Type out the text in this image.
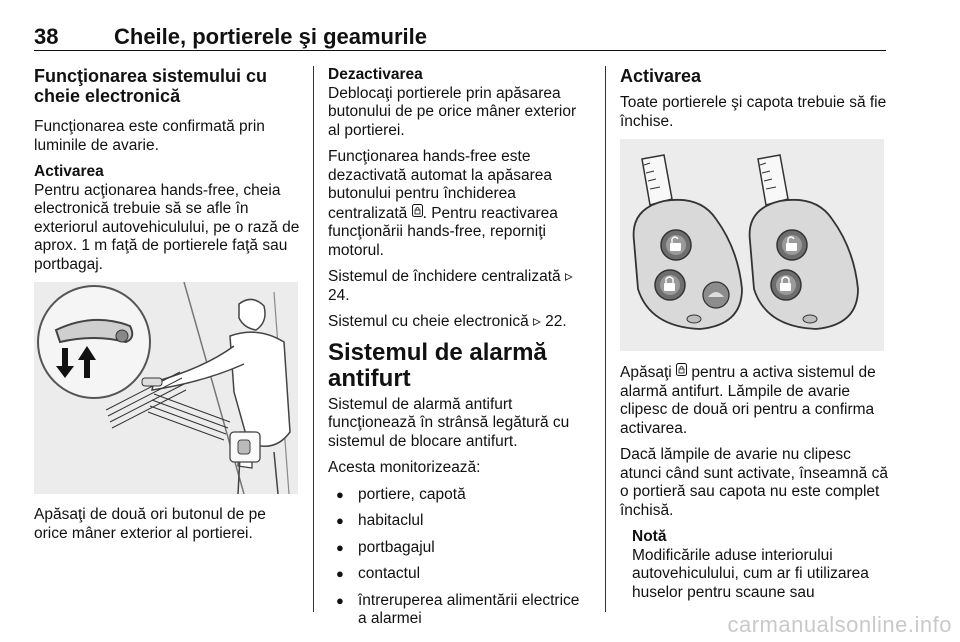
38	Cheile, portierele şi geamurile
Funcţionarea sistemului cu cheie electronică

Funcţionarea este confirmată prin luminile de avarie.

Activarea
Pentru acţionarea hands-free, cheia electronică trebuie să se afle în exteriorul autovehiculului, pe o rază de aprox. 1 m faţă de portierele faţă sau portbagaj.

Apăsaţi de două ori butonul de pe orice mâner exterior al portierei.

Dezactivarea
Deblocaţi portierele prin apăsarea butonului de pe orice mâner exterior al portierei.

Funcţionarea hands-free este dezactivată automat la apăsarea butonului pentru închiderea centralizată . Pentru reactivarea funcţionării hands-free, reporniţi motorul.

Sistemul de închidere centralizată ▹ 24.

Sistemul cu cheie electronică ▹ 22.

Sistemul de alarmă antifurt

Sistemul de alarmă antifurt funcţionează în strânsă legătură cu sistemul de blocare antifurt.

Acesta monitorizează:

● portiere, capotă
● habitaclul
● portbagajul
● contactul
● întreruperea alimentării electrice a alarmei
Activarea

Toate portierele şi capota trebuie să fie închise.

Apăsaţi pentru a activa sistemul de alarmă antifurt. Lămpile de avarie clipesc de două ori pentru a confirma activarea.

Dacă lămpile de avarie nu clipesc atunci când sunt activate, înseamnă că o portieră sau capota nu este complet închisă.

Notă
Modificările aduse interiorului autovehiculului, cum ar fi utilizarea huselor pentru scaune sau
carmanualsonline.info
